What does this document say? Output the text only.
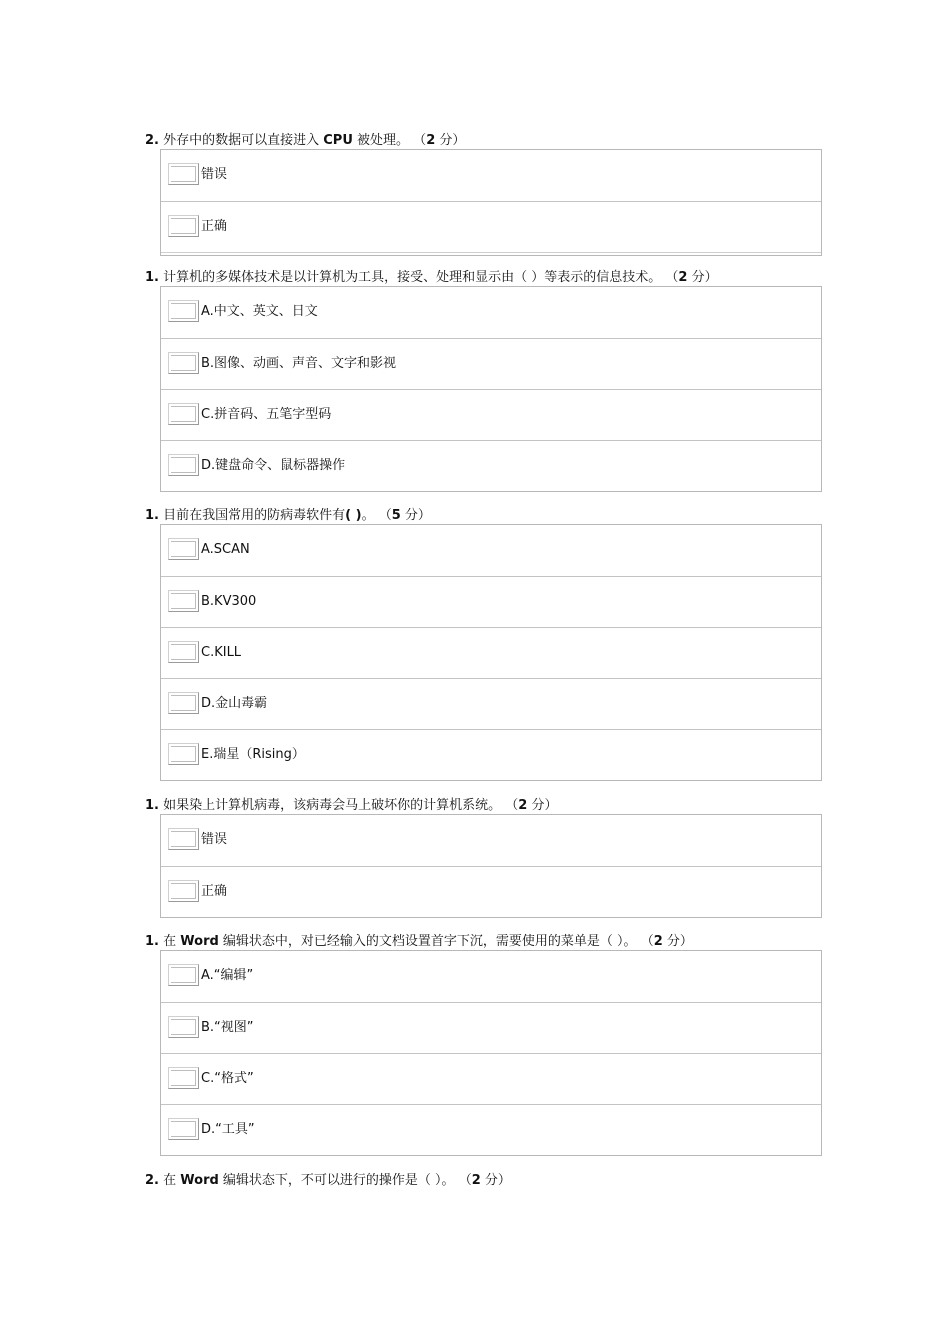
2. 外存中的数据可以直接进入 CPU 被处理。 （2 分）
错误
正确
1. 计算机的多媒体技术是以计算机为工具，接受、处理和显示由（ ）等表示的信息技术。 （2 分）
A.中文、英文、日文
B.图像、动画、声音、文字和影视
C.拼音码、五笔字型码
D.键盘命令、鼠标器操作
1. 目前在我国常用的防病毒软件有( )。 （5 分）
A.SCAN
B.KV300
C.KILL
D.金山毒霸
E.瑞星（Rising）
1. 如果染上计算机病毒，该病毒会马上破坏你的计算机系统。 （2 分）
错误
正确
1. 在 Word 编辑状态中，对已经输入的文档设置首字下沉，需要使用的菜单是（ ）。 （2 分）
A.“编辑”
B.“视图”
C.“格式”
D.“工具”
2. 在 Word 编辑状态下，不可以进行的操作是（ ）。 （2 分）
